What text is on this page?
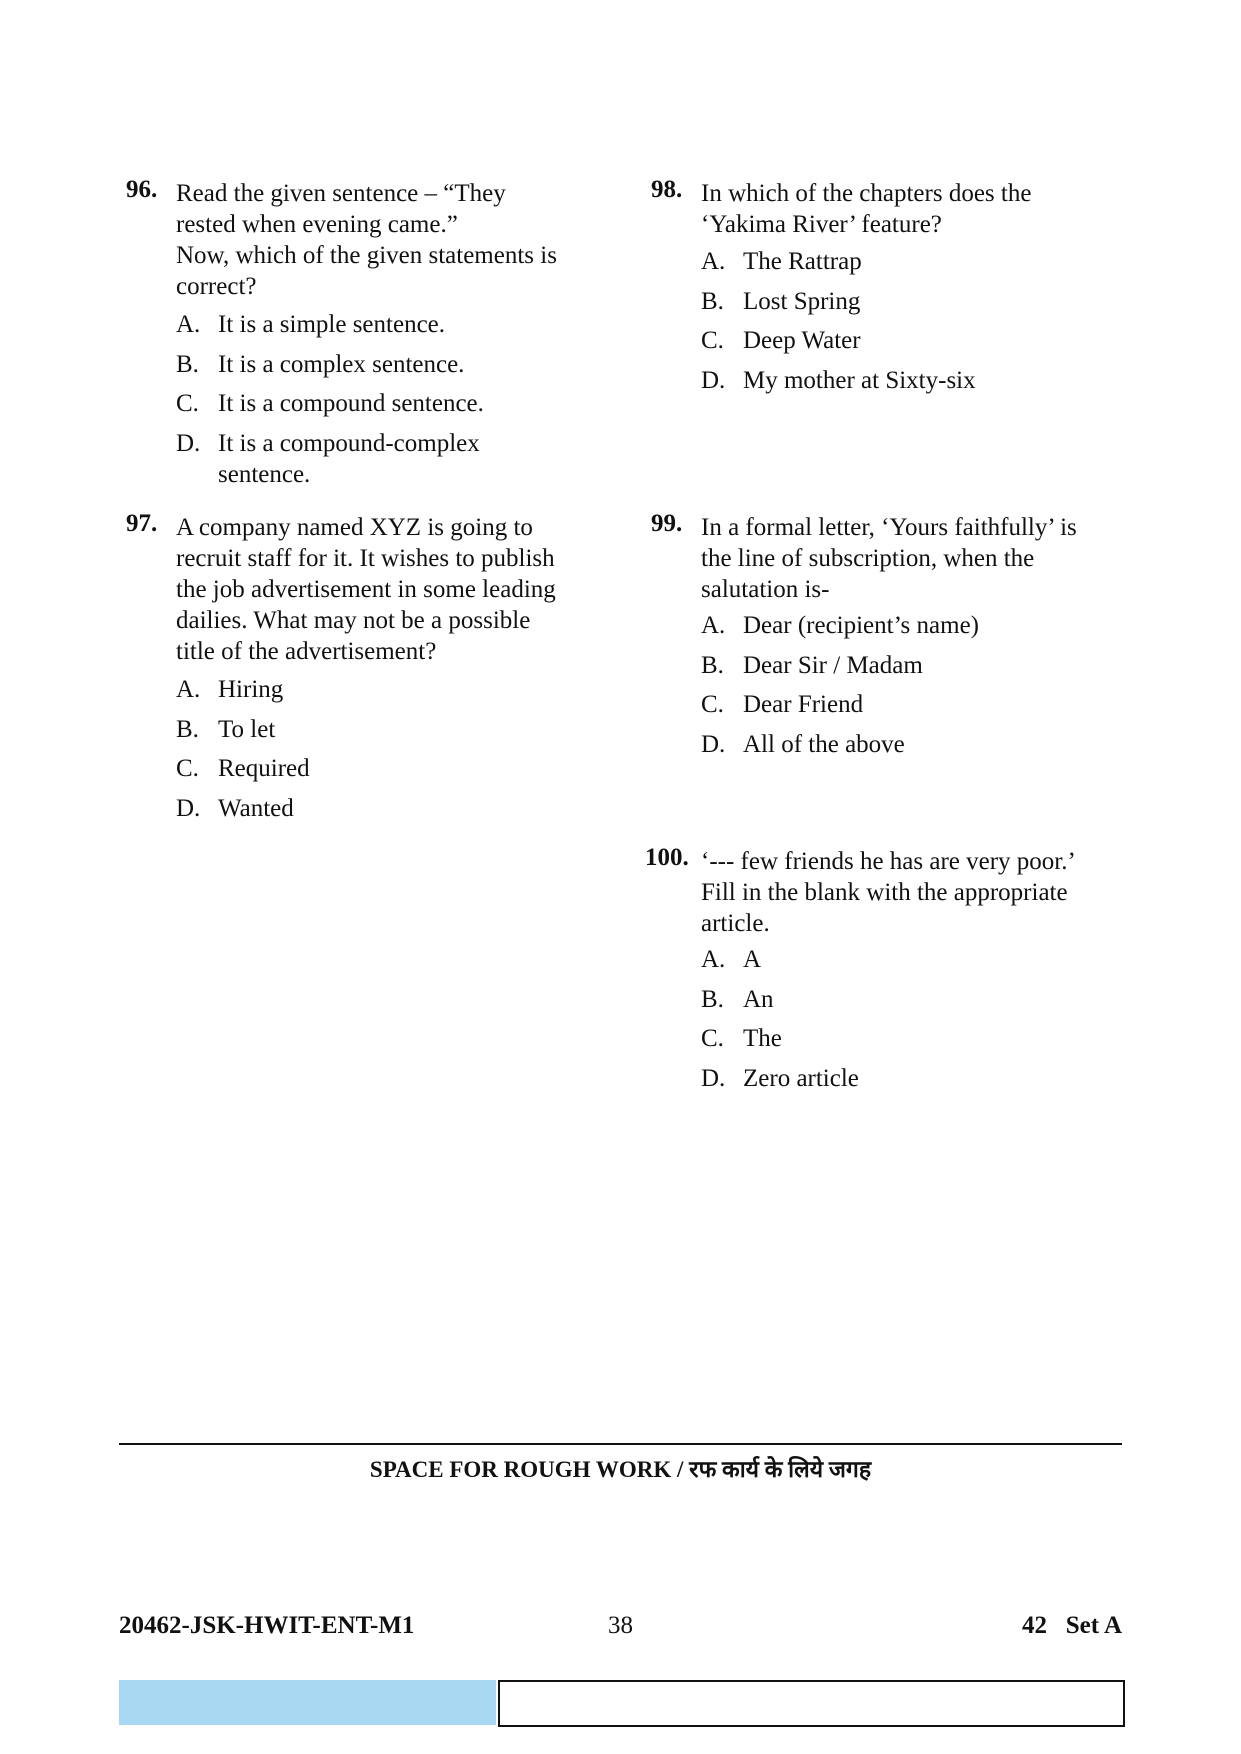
96. Read the given sentence – “They
rested when evening came.”
Now, which of the given statements is
correct?
A. It is a simple sentence.
B. It is a complex sentence.
C. It is a compound sentence.
D. It is a compound-complex
sentence.
97. A company named XYZ is going to
recruit staff for it. It wishes to publish
the job advertisement in some leading
dailies. What may not be a possible
title of the advertisement?
A. Hiring
B. To let
C. Required
D. Wanted
98. In which of the chapters does the
‘Yakima River’ feature?
A. The Rattrap
B. Lost Spring
C. Deep Water
D. My mother at Sixty-six
99. In a formal letter, ‘Yours faithfully’ is
the line of subscription, when the
salutation is-
A. Dear (recipient’s name)
B. Dear Sir / Madam
C. Dear Friend
D. All of the above
100. ‘--- few friends he has are very poor.’
Fill in the blank with the appropriate
article.
A. A
B. An
C. The
D. Zero article
SPACE FOR ROUGH WORK / रफ कार्य के लिये जगह
20462-JSK-HWIT-ENT-M1	38	42   Set A
